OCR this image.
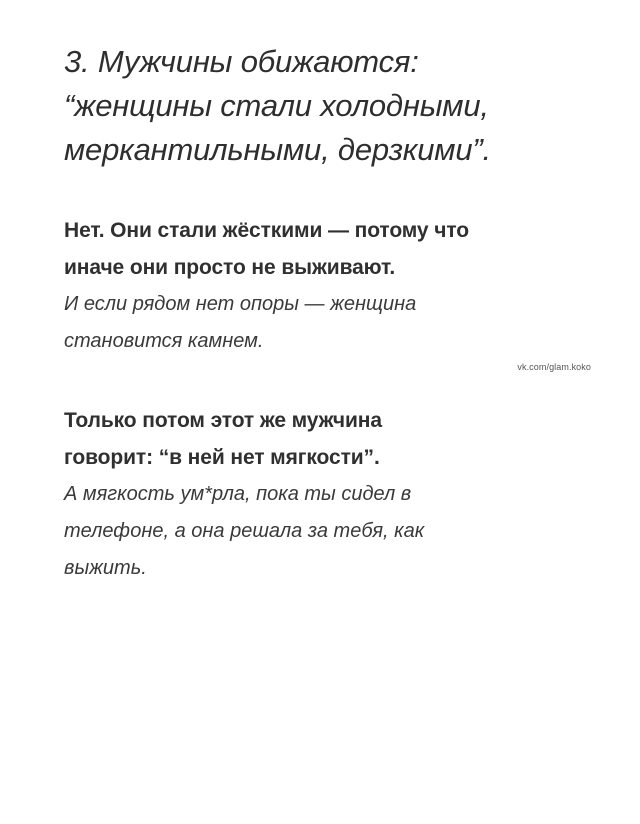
3. Мужчины обижаются:
“женщины стали холодными,
меркантильными, дерзкими”.
Нет. Они стали жёсткими — потому что
иначе они просто не выживают.
И если рядом нет опоры — женщина
становится камнем.
vk.com/glam.koko
Только потом этот же мужчина
говорит: “в ней нет мягкости”.
А мягкость ум*рла, пока ты сидел в
телефоне, а она решала за тебя, как
выжить.
